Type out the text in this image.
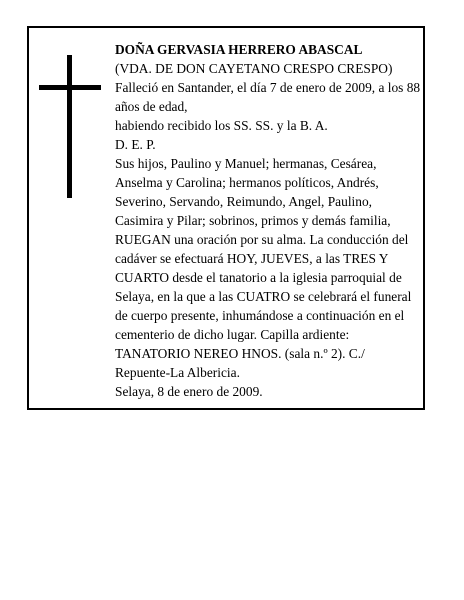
DOÑA GERVASIA HERRERO ABASCAL

(VDA. DE DON CAYETANO CRESPO CRESPO)

Falleció en Santander, el día 7 de enero de 2009, a los 88 años de edad,

habiendo recibido los SS. SS. y la B. A.

D. E. P.

Sus hijos, Paulino y Manuel; hermanas, Cesárea, Anselma y Carolina; hermanos políticos, Andrés, Severino, Servando, Reimundo, Angel, Paulino, Casimira y Pilar; sobrinos, primos y demás familia, RUEGAN una oración por su alma. La conducción del cadáver se efectuará HOY, JUEVES, a las TRES Y CUARTO desde el tanatorio a la iglesia parroquial de Selaya, en la que a las CUATRO se celebrará el funeral de cuerpo presente, inhumándose a continuación en el cementerio de dicho lugar. Capilla ardiente: TANATORIO NEREO HNOS. (sala n.º 2). C./ Repuente-La Albericia.

Selaya, 8 de enero de 2009.
